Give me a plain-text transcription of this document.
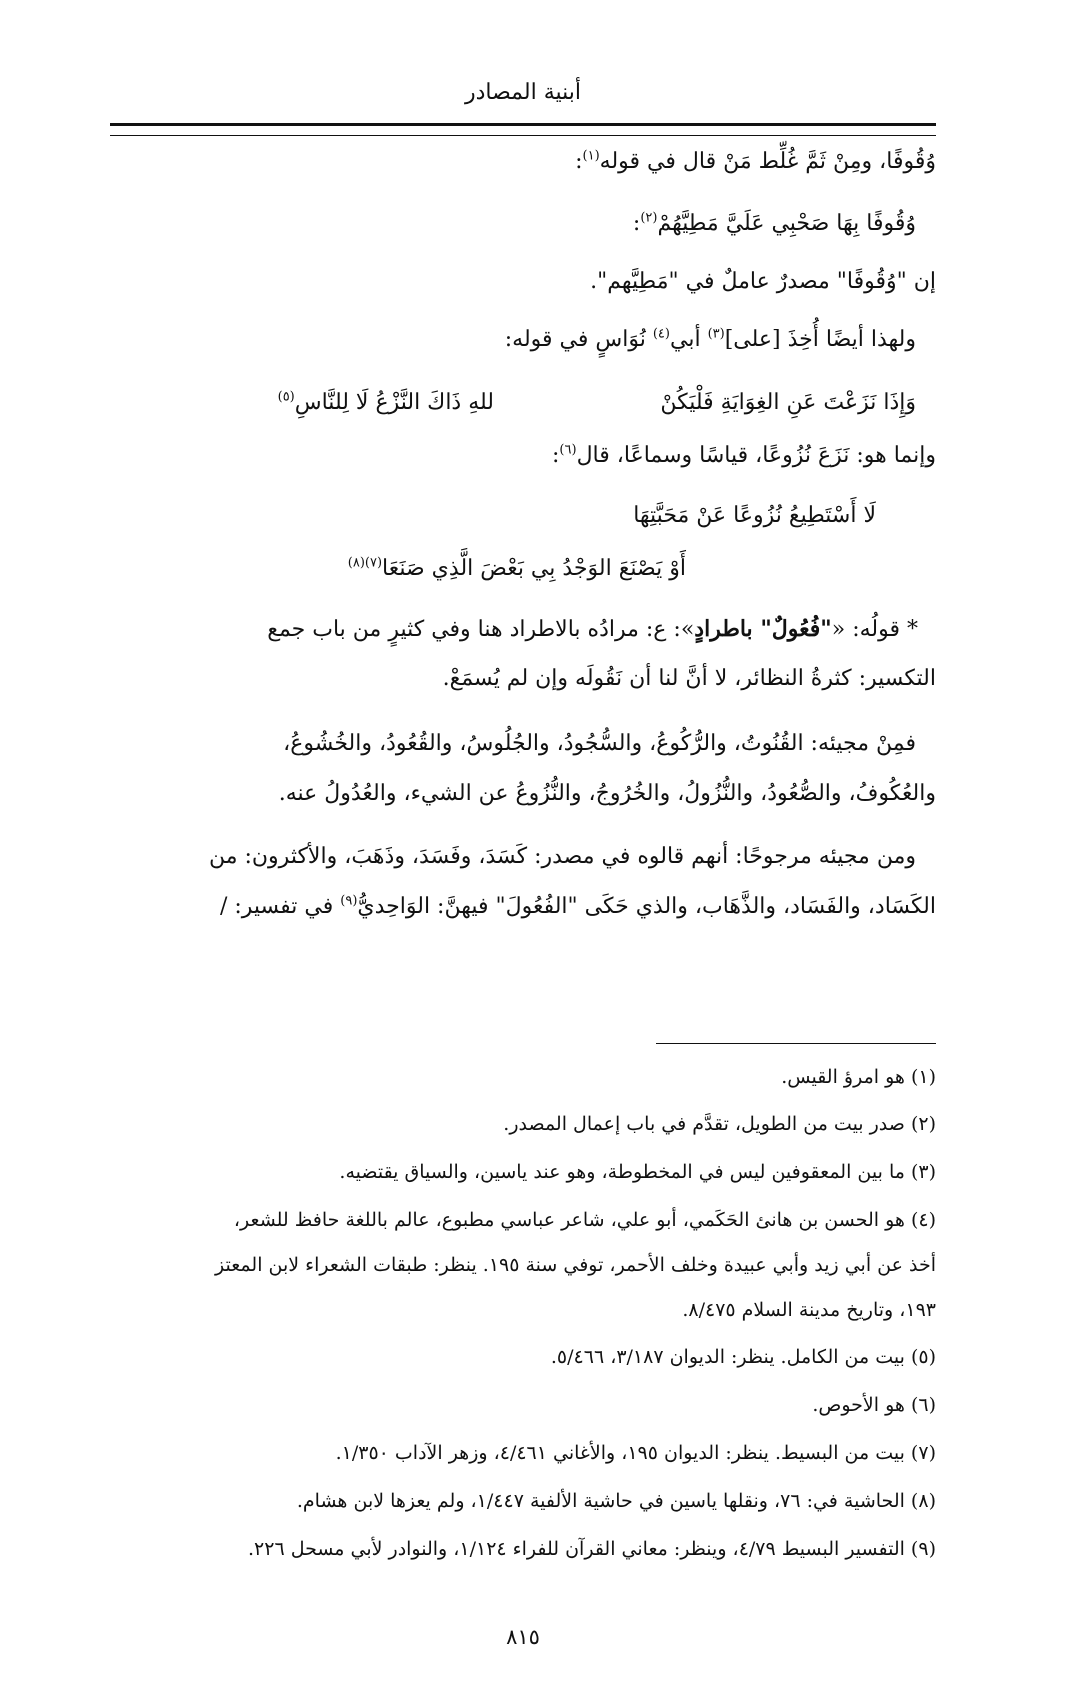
أبنية المصادر
وُقُوفًا، ومِنْ ثَمَّ غُلِّط مَنْ قال في قوله$^{(١)}$:
وُقُوفًا بِهَا صَحْبِي عَلَيَّ مَطِيَّهُمْ$^{(٢)}$:
إن "وُقُوفًا" مصدرٌ عاملٌ في "مَطِيَّهم".
ولهذا أيضًا أُخِذَ [على]$^{(٣)}$ أبي$^{(٤)}$ نُوَاسٍ في قوله:
وَإِذَا نَزَعْتَ عَنِ الغِوَايَةِ فَلْيَكُنْ
للهِ ذَاكَ النَّزْعُ لَا لِلنَّاسِ$^{(٥)}$
وإنما هو: نَزَعَ نُزُوعًا، قياسًا وسماعًا، قال$^{(٦)}$:
لَا أَسْتَطِيعُ نُزُوعًا عَنْ مَحَبَّتِهَا
أَوْ يَصْنَعَ الوَجْدُ بِي بَعْضَ الَّذِي صَنَعَا$^{(٧)(٨)}$
* قولُه: «"فُعُولٌ" باطرادٍ»: ع: مرادُه بالاطراد هنا وفي كثيرٍ من باب جمع
التكسير: كثرةُ النظائر، لا أنَّ لنا أن نَقُولَه وإن لم يُسمَعْ.
فمِنْ مجيئه: القُنُوتُ، والرُّكُوعُ، والسُّجُودُ، والجُلُوسُ، والقُعُودُ، والخُشُوعُ،
والعُكُوفُ، والصُّعُودُ، والنُّزُولُ، والخُرُوجُ، والنُّزُوعُ عن الشيء، والعُدُولُ عنه.
ومن مجيئه مرجوحًا: أنهم قالوه في مصدر: كَسَدَ، وفَسَدَ، وذَهَبَ، والأكثرون: من
الكَسَاد، والفَسَاد، والذَّهَاب، والذي حَكَى "الفُعُولَ" فيهنَّ: الوَاحِديُّ$^{(٩)}$ في تفسير: /
(١) هو امرؤ القيس.
(٢) صدر بيت من الطويل، تقدَّم في باب إعمال المصدر.
(٣) ما بين المعقوفين ليس في المخطوطة، وهو عند ياسين، والسياق يقتضيه.
(٤) هو الحسن بن هانئ الحَكَمي، أبو علي، شاعر عباسي مطبوع، عالم باللغة حافظ للشعر،
أخذ عن أبي زيد وأبي عبيدة وخلف الأحمر، توفي سنة ١٩٥. ينظر: طبقات الشعراء لابن المعتز
١٩٣، وتاريخ مدينة السلام ٨/٤٧٥.
(٥) بيت من الكامل. ينظر: الديوان ٣/١٨٧، ٥/٤٦٦.
(٦) هو الأحوص.
(٧) بيت من البسيط. ينظر: الديوان ١٩٥، والأغاني ٤/٤٦١، وزهر الآداب ١/٣٥٠.
(٨) الحاشية في: ٧٦، ونقلها ياسين في حاشية الألفية ١/٤٤٧، ولم يعزها لابن هشام.
(٩) التفسير البسيط ٤/٧٩، وينظر: معاني القرآن للفراء ١/١٢٤، والنوادر لأبي مسحل ٢٢٦.
٨١٥
